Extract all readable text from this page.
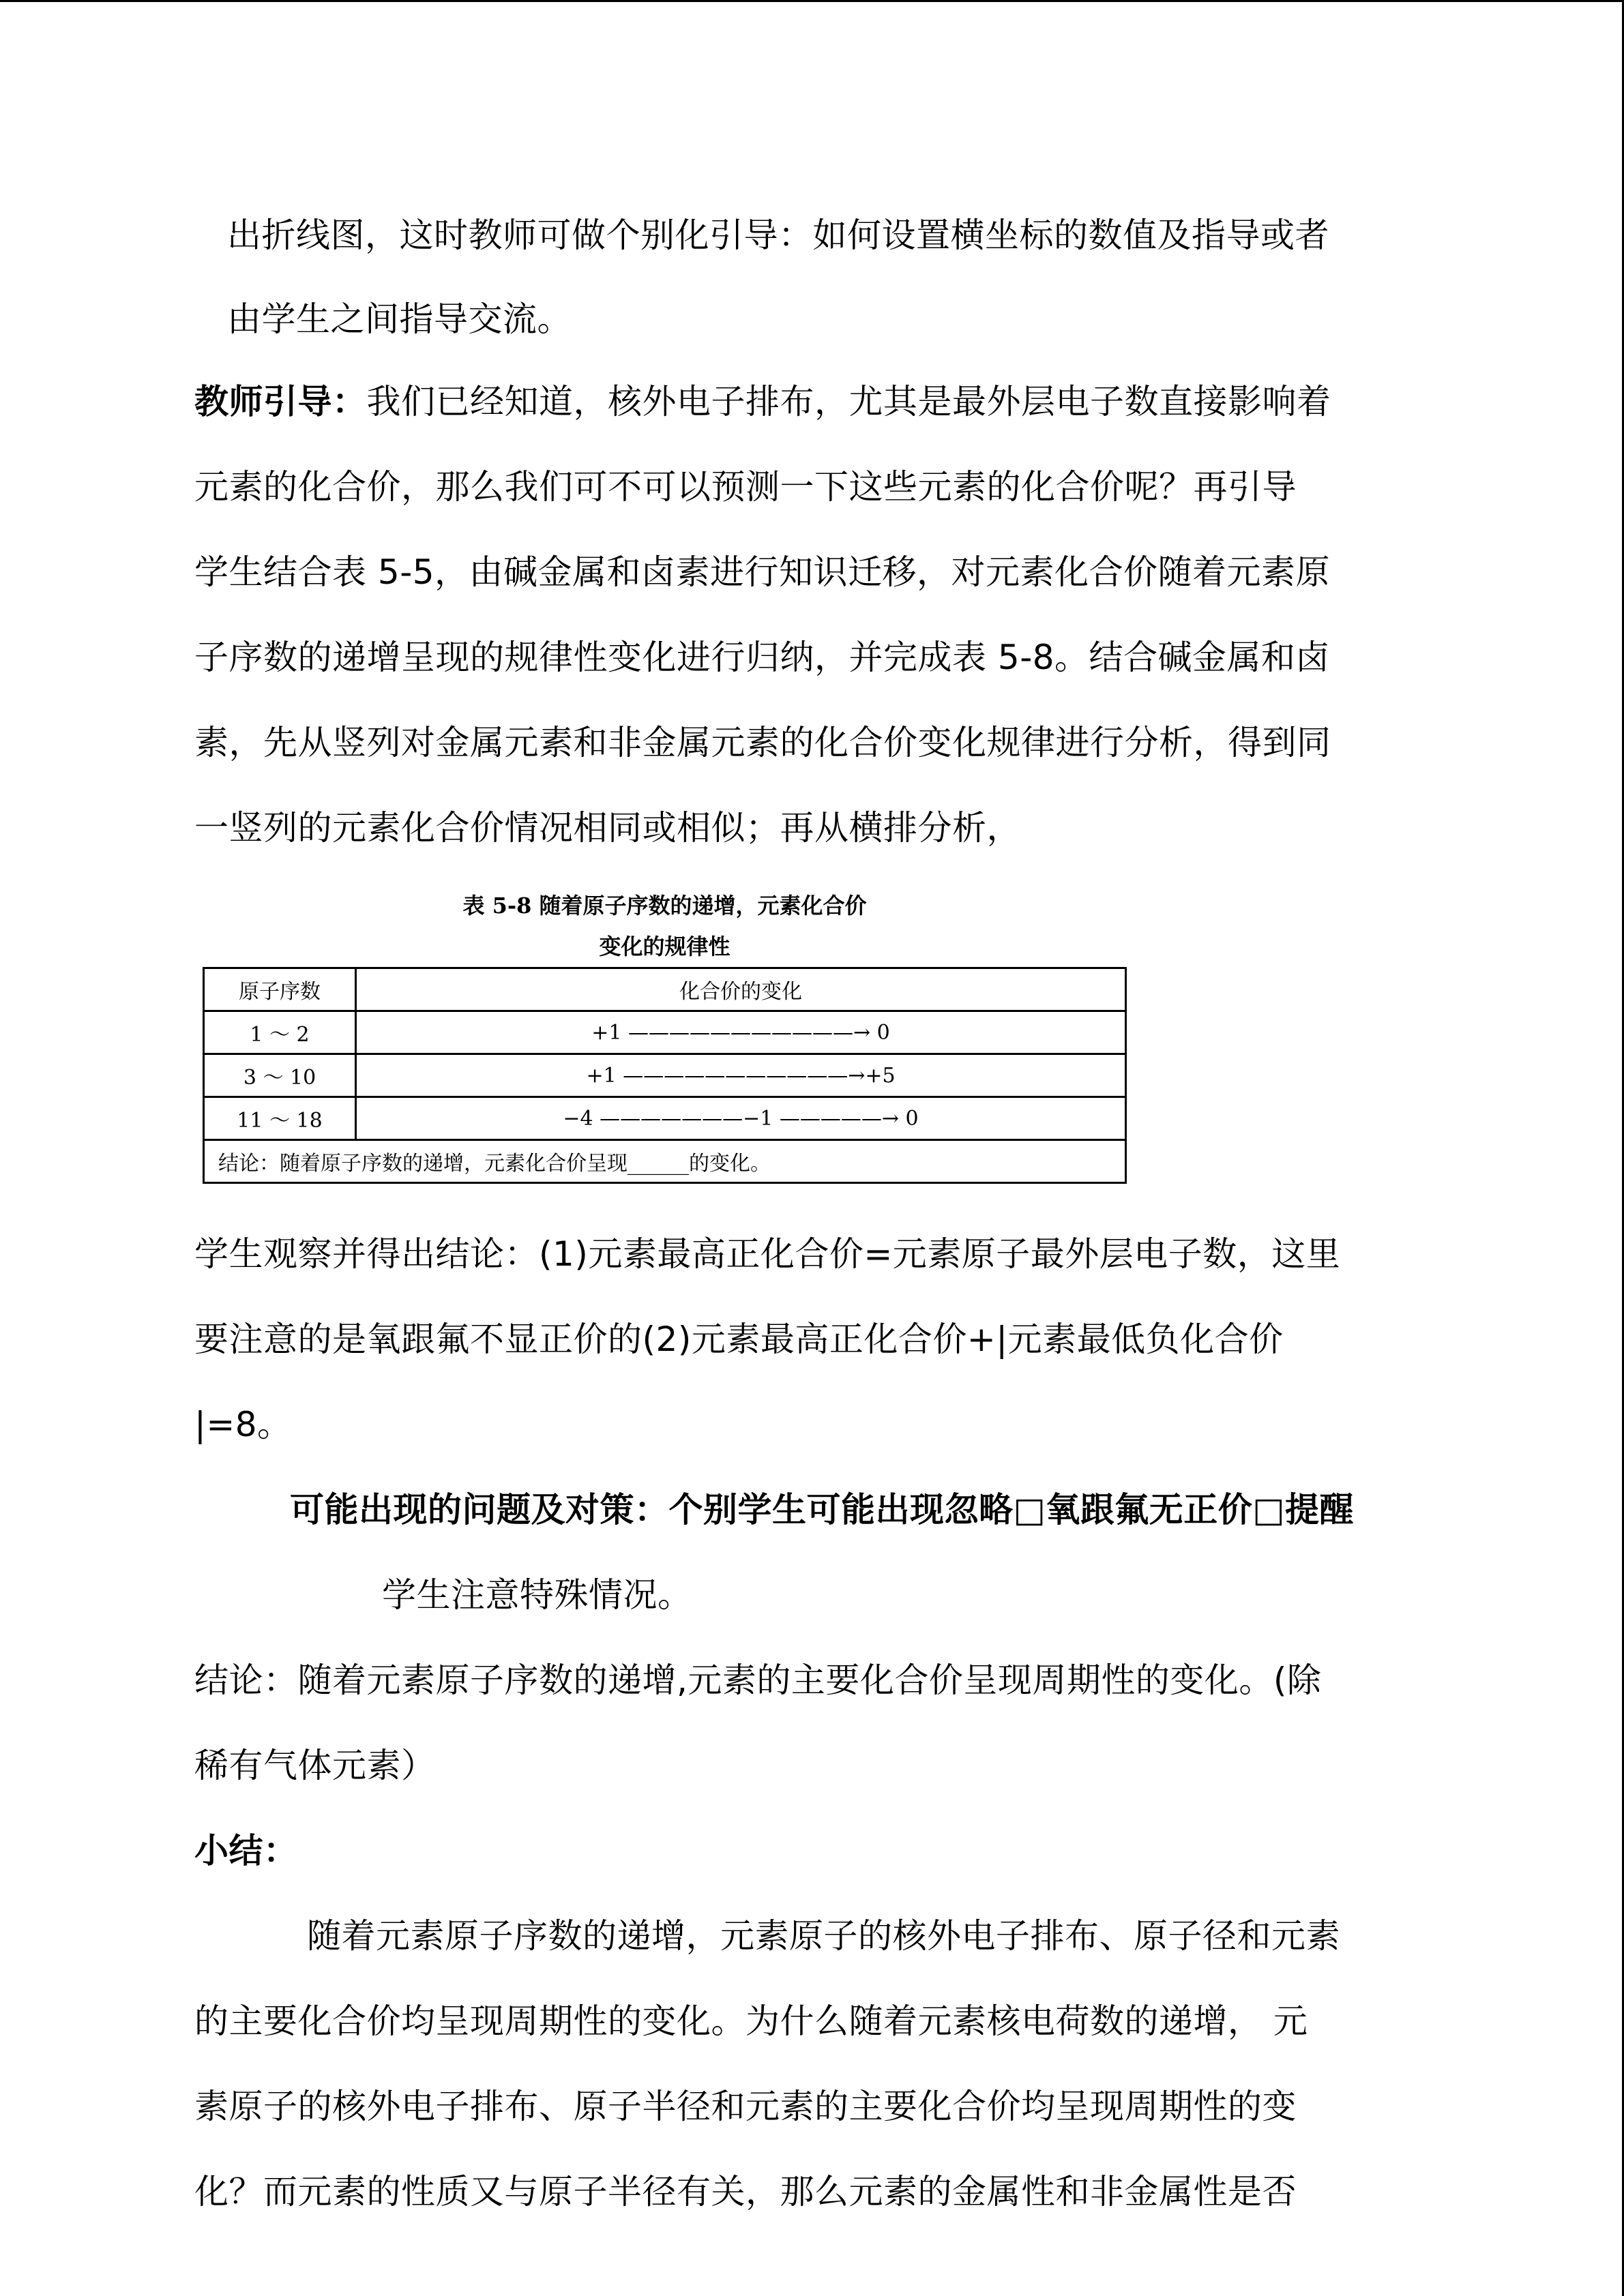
出折线图，这时教师可做个别化引导：如何设置横坐标的数值及指导或者
由学生之间指导交流。
教师引导：我们已经知道，核外电子排布，尤其是最外层电子数直接影响着
元素的化合价，那么我们可不可以预测一下这些元素的化合价呢？再引导
学生结合表 5-5，由碱金属和卤素进行知识迁移，对元素化合价随着元素原
子序数的递增呈现的规律性变化进行归纳，并完成表 5-8。结合碱金属和卤
素，先从竖列对金属元素和非金属元素的化合价变化规律进行分析，得到同
一竖列的元素化合价情况相同或相似；再从横排分析，
表 5-8 随着原子序数的递增，元素化合价
变化的规律性
原子序数	化合价的变化
1 ～ 2	+1 ———————————→ 0
3 ～ 10	+1 ———————————→+5
11 ～ 18	−4 ———————−1 —————→ 0
结论：随着原子序数的递增，元素化合价呈现______的变化。	
学生观察并得出结论：(1)元素最高正化合价=元素原子最外层电子数，这里
要注意的是氧跟氟不显正价的(2)元素最高正化合价+|元素最低负化合价
|=8。
可能出现的问题及对策：个别学生可能出现忽略□氧跟氟无正价□提醒
学生注意特殊情况。
结论：随着元素原子序数的递增,元素的主要化合价呈现周期性的变化。(除
稀有气体元素）
小结：
随着元素原子序数的递增，元素原子的核外电子排布、原子径和元素
的主要化合价均呈现周期性的变化。为什么随着元素核电荷数的递增， 元
素原子的核外电子排布、原子半径和元素的主要化合价均呈现周期性的变
化？而元素的性质又与原子半径有关，那么元素的金属性和非金属性是否
